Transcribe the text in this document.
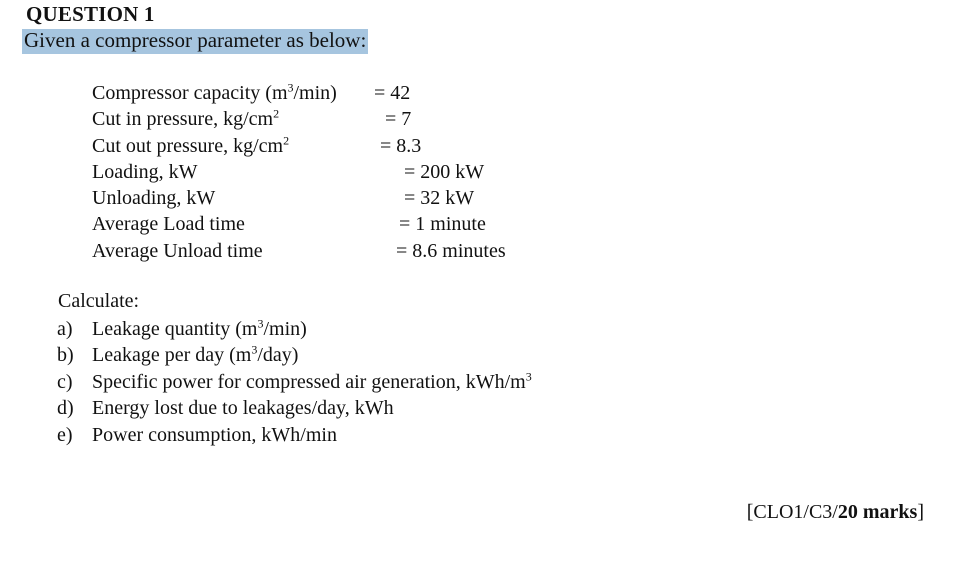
QUESTION 1
Given a compressor parameter as below:
Compressor capacity $(m^3/\min) = 42$
Cut in pressure, $kg/cm^2$	= 7
Cut out pressure, $kg/cm^2$	= 8.3
Loading, kW	= 200 kW
Unloading, kW	= 32 kW
Average Load time	= 1 minute
Average Unload time	= 8.6 minutes
Calculate:
a) Leakage quantity $(m^3/\min)$
b) Leakage per day $(m^3/day)$
c) Specific power for compressed air generation, kWh/$m^3$
d) Energy lost due to leakages/day, kWh
e) Power consumption, kWh/min
[CLO1/C3/20 marks]
